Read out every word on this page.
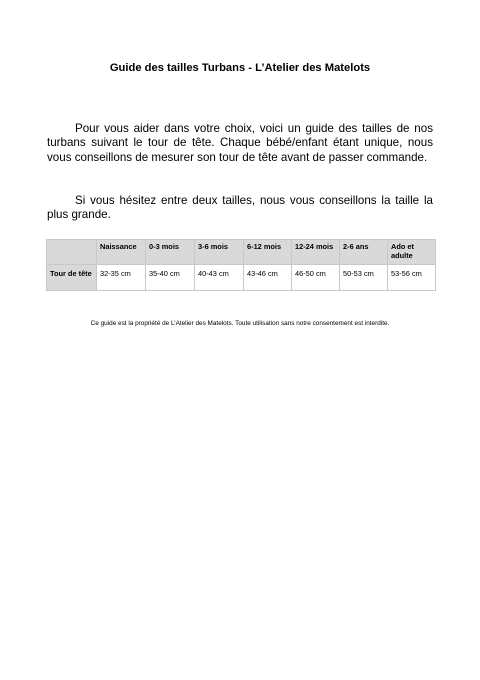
Guide des tailles Turbans - L’Atelier des Matelots

Pour vous aider dans votre choix, voici un guide des tailles de nos turbans suivant le tour de tête. Chaque bébé/enfant étant unique, nous vous conseillons de mesurer son tour de tête avant de passer commande.

Si vous hésitez entre deux tailles, nous vous conseillons la taille la plus grande.

	Naissance	0-3 mois	3-6 mois	6-12 mois	12-24 mois	2-6 ans	Ado et adulte
Tour de tête	32-35 cm	35-40 cm	40-43 cm	43-46 cm	46-50 cm	50-53 cm	53-56 cm
Ce guide est la propriété de L’Atelier des Matelots. Toute utilisation sans notre consentement est interdite.
